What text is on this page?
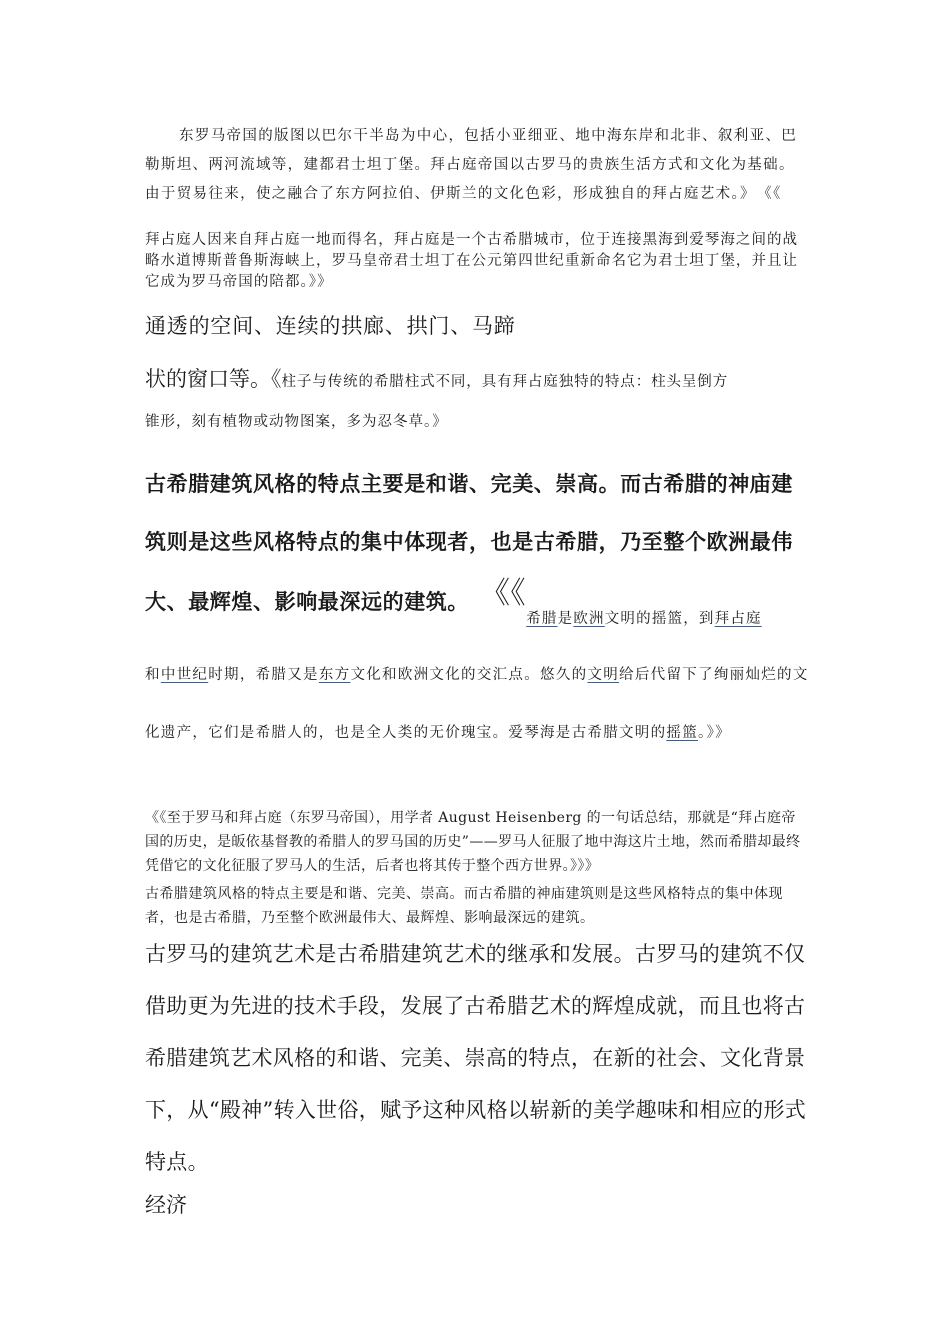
东罗马帝国的版图以巴尔干半岛为中心，包括小亚细亚、地中海东岸和北非、叙利亚、巴勒斯坦、两河流域等，建都君士坦丁堡。拜占庭帝国以古罗马的贵族生活方式和文化为基础。由于贸易往来，使之融合了东方阿拉伯、伊斯兰的文化色彩，形成独自的拜占庭艺术。》　《《
拜占庭人因来自拜占庭一地而得名，拜占庭是一个古希腊城市，位于连接黑海到爱琴海之间的战略水道博斯普鲁斯海峡上，罗马皇帝君士坦丁在公元第四世纪重新命名它为君士坦丁堡，并且让它成为罗马帝国的陪都。》》
通透的空间、连续的拱廊、拱门、马蹄
状的窗口等。《柱子与传统的希腊柱式不同，具有拜占庭独特的特点：柱头呈倒方
锥形，刻有植物或动物图案，多为忍冬草。》
古希腊建筑风格的特点主要是和谐、完美、崇高。而古希腊的神庙建筑则是这些风格特点的集中体现者，也是古希腊，乃至整个欧洲最伟大、最辉煌、影响最深远的建筑。 《《$_{希腊是欧洲文明的摇篮,到拜占庭}$
和中世纪时期，希腊又是东方文化和欧洲文化的交汇点。悠久的文明给后代留下了绚丽灿烂的文化遗产，它们是希腊人的，也是全人类的无价瑰宝。爱琴海是古希腊文明的摇篮。》》
《《至于罗马和拜占庭（东罗马帝国），用学者 August Heisenberg 的一句话总结，那就是“拜占庭帝国的历史，是皈依基督教的希腊人的罗马国的历史”——罗马人征服了地中海这片土地，然而希腊却最终凭借它的文化征服了罗马人的生活，后者也将其传于整个西方世界。》》》
古希腊建筑风格的特点主要是和谐、完美、崇高。而古希腊的神庙建筑则是这些风格特点的集中体现者，也是古希腊，乃至整个欧洲最伟大、最辉煌、影响最深远的建筑。
古罗马的建筑艺术是古希腊建筑艺术的继承和发展。古罗马的建筑不仅借助更为先进的技术手段，发展了古希腊艺术的辉煌成就，而且也将古希腊建筑艺术风格的和谐、完美、崇高的特点，在新的社会、文化背景下，从“殿神”转入世俗，赋予这种风格以崭新的美学趣味和相应的形式特点。
经济
